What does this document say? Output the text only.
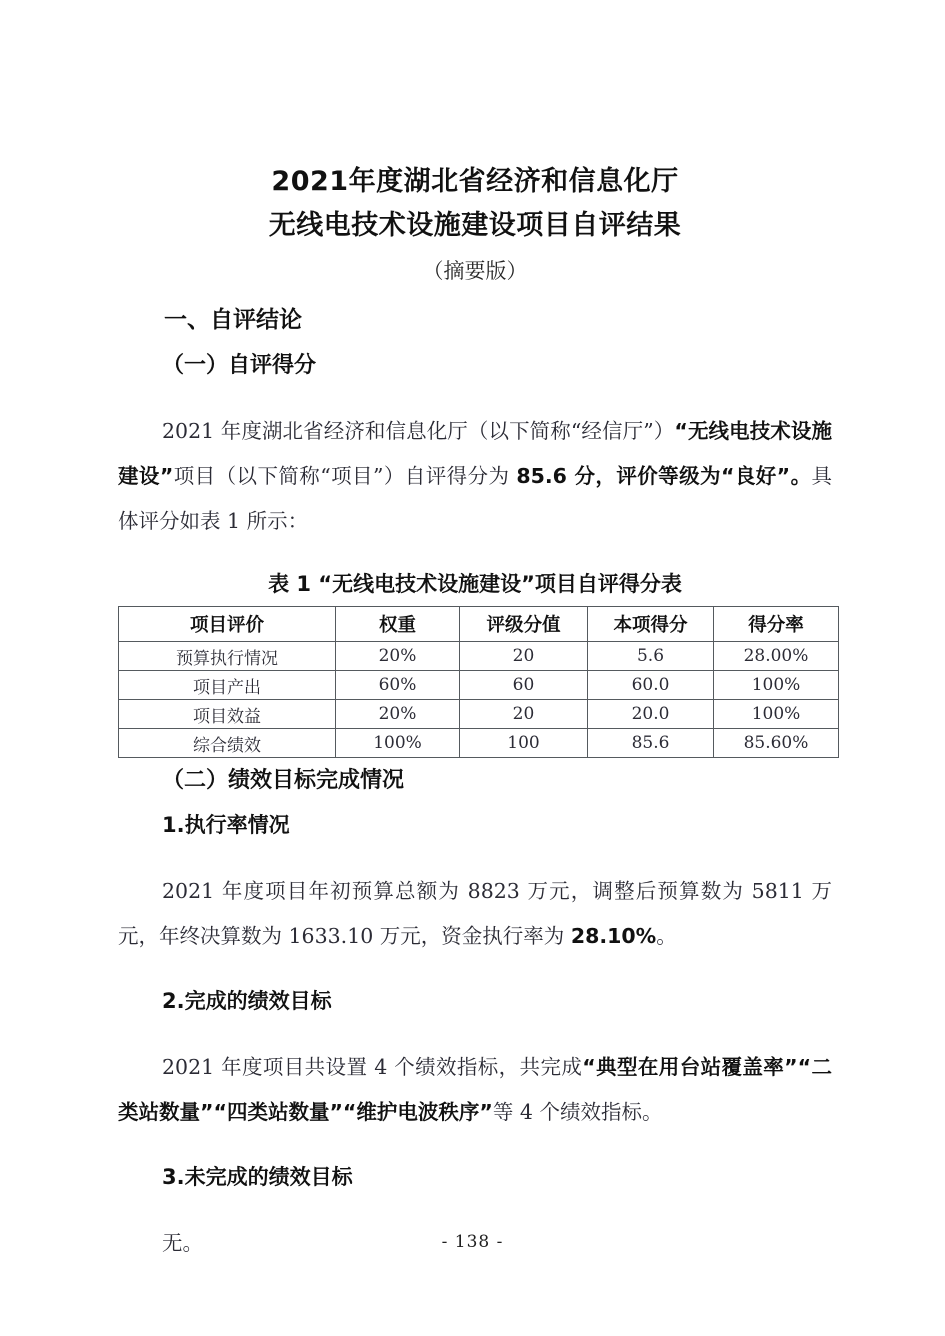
2021年度湖北省经济和信息化厅
无线电技术设施建设项目自评结果
（摘要版）
一、自评结论
（一）自评得分

2021 年度湖北省经济和信息化厅（以下简称“经信厅”）“无线电技术设施建设”项目（以下简称“项目”）自评得分为 85.6 分，评价等级为“良好”。具体评分如表 1 所示：

表 1 “无线电技术设施建设”项目自评得分表
项目评价	权重	评级分值	本项得分	得分率
预算执行情况	20%	20	5.6	28.00%
项目产出	60%	60	60.0	100%
项目效益	20%	20	20.0	100%
综合绩效	100%	100	85.6	85.60%
（二）绩效目标完成情况
1.执行率情况

2021 年度项目年初预算总额为 8823 万元，调整后预算数为 5811 万元，年终决算数为 1633.10 万元，资金执行率为 28.10%。

2.完成的绩效目标

2021 年度项目共设置 4 个绩效指标，共完成“典型在用台站覆盖率”“二类站数量”“四类站数量”“维护电波秩序”等 4 个绩效指标。

3.未完成的绩效目标

无。	- 138 -
